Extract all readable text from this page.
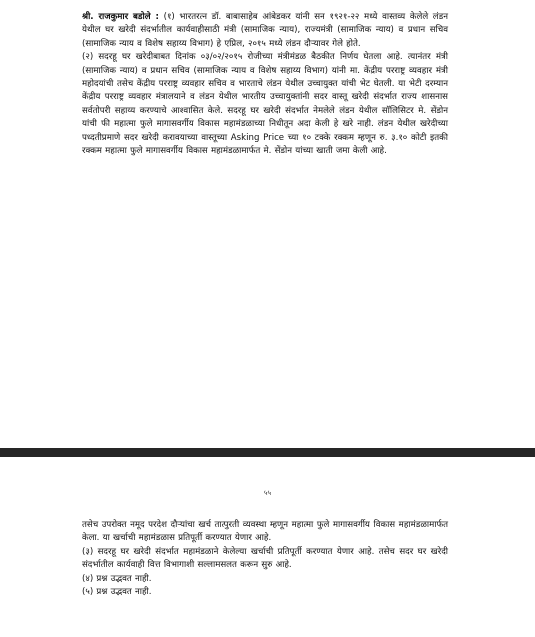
श्री. राजकुमार बडोले : (१) भारतरत्न डॉ. बाबासाहेब आंबेडकर यांनी सन १९२१-२२ मध्ये वास्तव्य केलेले लंडन येथील घर खरेदी संदर्भातील कार्यवाहीसाठी मंत्री (सामाजिक न्याय), राज्यमंत्री (सामाजिक न्याय) व प्रधान सचिव (सामाजिक न्याय व विशेष सहाय्य विभाग) हे एप्रिल, २०१५ मध्ये लंडन दौऱ्यावर गेले होते.

(२) सदरहू घर खरेदीबाबत दिनांक ०३/०२/२०१५ रोजीच्या मंत्रीमंडळ बैठकीत निर्णय घेतला आहे. त्यानंतर मंत्री (सामाजिक न्याय) व प्रधान सचिव (सामाजिक न्याय व विशेष सहाय्य विभाग) यांनी मा. केंद्रीय परराष्ट्र व्यवहार मंत्री महोदयांची तसेच केंद्रीय परराष्ट्र व्यवहार सचिव व भारताचे लंडन येथील उच्चायुक्त यांची भेट घेतली. या भेटी दरम्यान केंद्रीय परराष्ट्र व्यवहार मंत्रालयाने व लंडन येथील भारतीय उच्चायुक्तांनी सदर वास्तू खरेदी संदर्भात राज्य शासनास सर्वतोपरी सहाय्य करण्याचे आश्वासित केले. सदरहू घर खरेदी संदर्भात नेमलेले लंडन येथील सॉलिसिटर मे. सेंडोन यांची फी महात्मा फुले मागासवर्गीय विकास महामंडळाच्या निधीतून अदा केली हे खरे नाही. लंडन येथील खरेदीच्या पध्दतीप्रमाणे सदर खरेदी करावयाच्या वास्तूच्या Asking Price च्या १० टक्के रक्कम म्हणून रु. ३.१० कोटी इतकी रक्कम महात्मा फुले मागासवर्गीय विकास महामंडळामार्फत मे. सेंडोन यांच्या खाती जमा केली आहे.

५५

तसेच उपरोक्त नमूद परदेश दौऱ्यांचा खर्च तात्पुरती व्यवस्था म्हणून महात्मा फुले मागासवर्गीय विकास महामंडळामार्फत केला. या खर्चाची महामंडळास प्रतिपूर्ती करण्यात येणार आहे.

(३) सदरहू घर खरेदी संदर्भात महामंडळाने केलेल्या खर्चाची प्रतिपूर्ती करण्यात येणार आहे. तसेच सदर घर खरेदी संदर्भातील कार्यवाही वित्त विभागाशी सल्लामसलत करून सुरु आहे.

(४) प्रश्न उद्भवत नाही.

(५) प्रश्न उद्भवत नाही.
